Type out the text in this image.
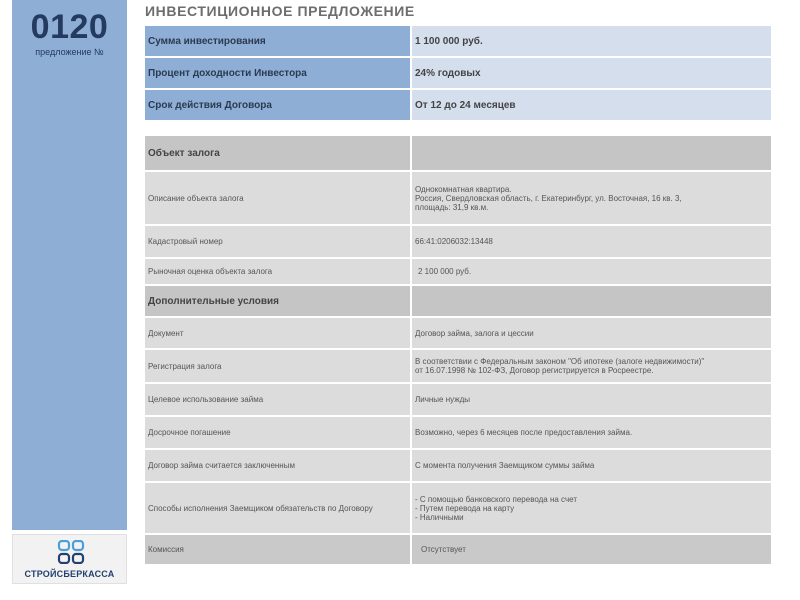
0120
предложение №
СТРОЙСБЕРКАССА
ИНВЕСТИЦИОННОЕ ПРЕДЛОЖЕНИЕ
Сумма инвестирования	1 100 000 руб.
Процент доходности Инвестора	24% годовых
Срок действия Договора	От 12 до 24 месяцев
Объект залога	
Описание объекта залога	Однокомнатная квартира.
Россия, Свердловская область, г. Екатеринбург, ул. Восточная, 16 кв. 3,
площадь: 31,9 кв.м.
Кадастровый номер	66:41:0206032:13448
Рыночная оценка объекта залога	2 100 000 руб.
Дополнительные условия	
Документ	Договор займа, залога и цессии
Регистрация залога	В соответствии с Федеральным законом "Об ипотеке (залоге недвижимости)"
от 16.07.1998 № 102-ФЗ, Договор регистрируется в Росреестре.
Целевое использование займа	Личные нужды
Досрочное погашение	Возможно, через 6 месяцев после предоставления займа.
Договор займа считается заключенным	С момента получения Заемщиком суммы займа
Способы исполнения Заемщиком обязательств по Договору	- С помощью банковского перевода на счет
- Путем перевода на карту
- Наличными
Комиссия	Отсутствует
